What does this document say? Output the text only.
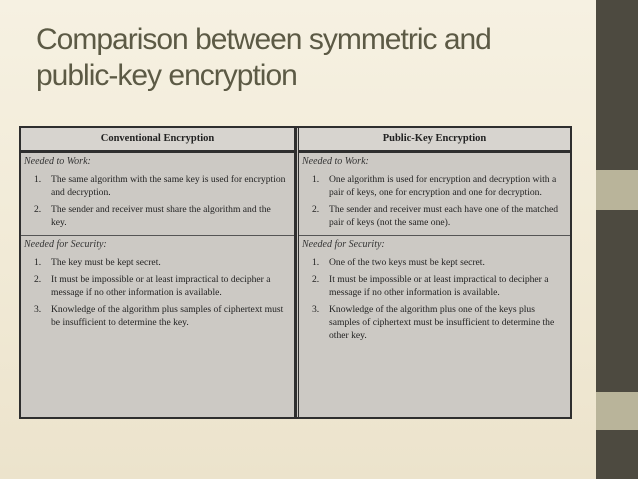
Comparison between symmetric and public-key encryption
Conventional Encryption
Needed to Work:
1. The same algorithm with the same key is used for encryption and decryption.
2. The sender and receiver must share the algorithm and the key.
Needed for Security:
1. The key must be kept secret.
2. It must be impossible or at least impractical to decipher a message if no other information is available.
3. Knowledge of the algorithm plus samples of ciphertext must be insufficient to determine the key.
Public-Key Encryption
Needed to Work:
1. One algorithm is used for encryption and decryption with a pair of keys, one for encryption and one for decryption.
2. The sender and receiver must each have one of the matched pair of keys (not the same one).
Needed for Security:
1. One of the two keys must be kept secret.
2. It must be impossible or at least impractical to decipher a message if no other information is available.
3. Knowledge of the algorithm plus one of the keys plus samples of ciphertext must be insufficient to determine the other key.
